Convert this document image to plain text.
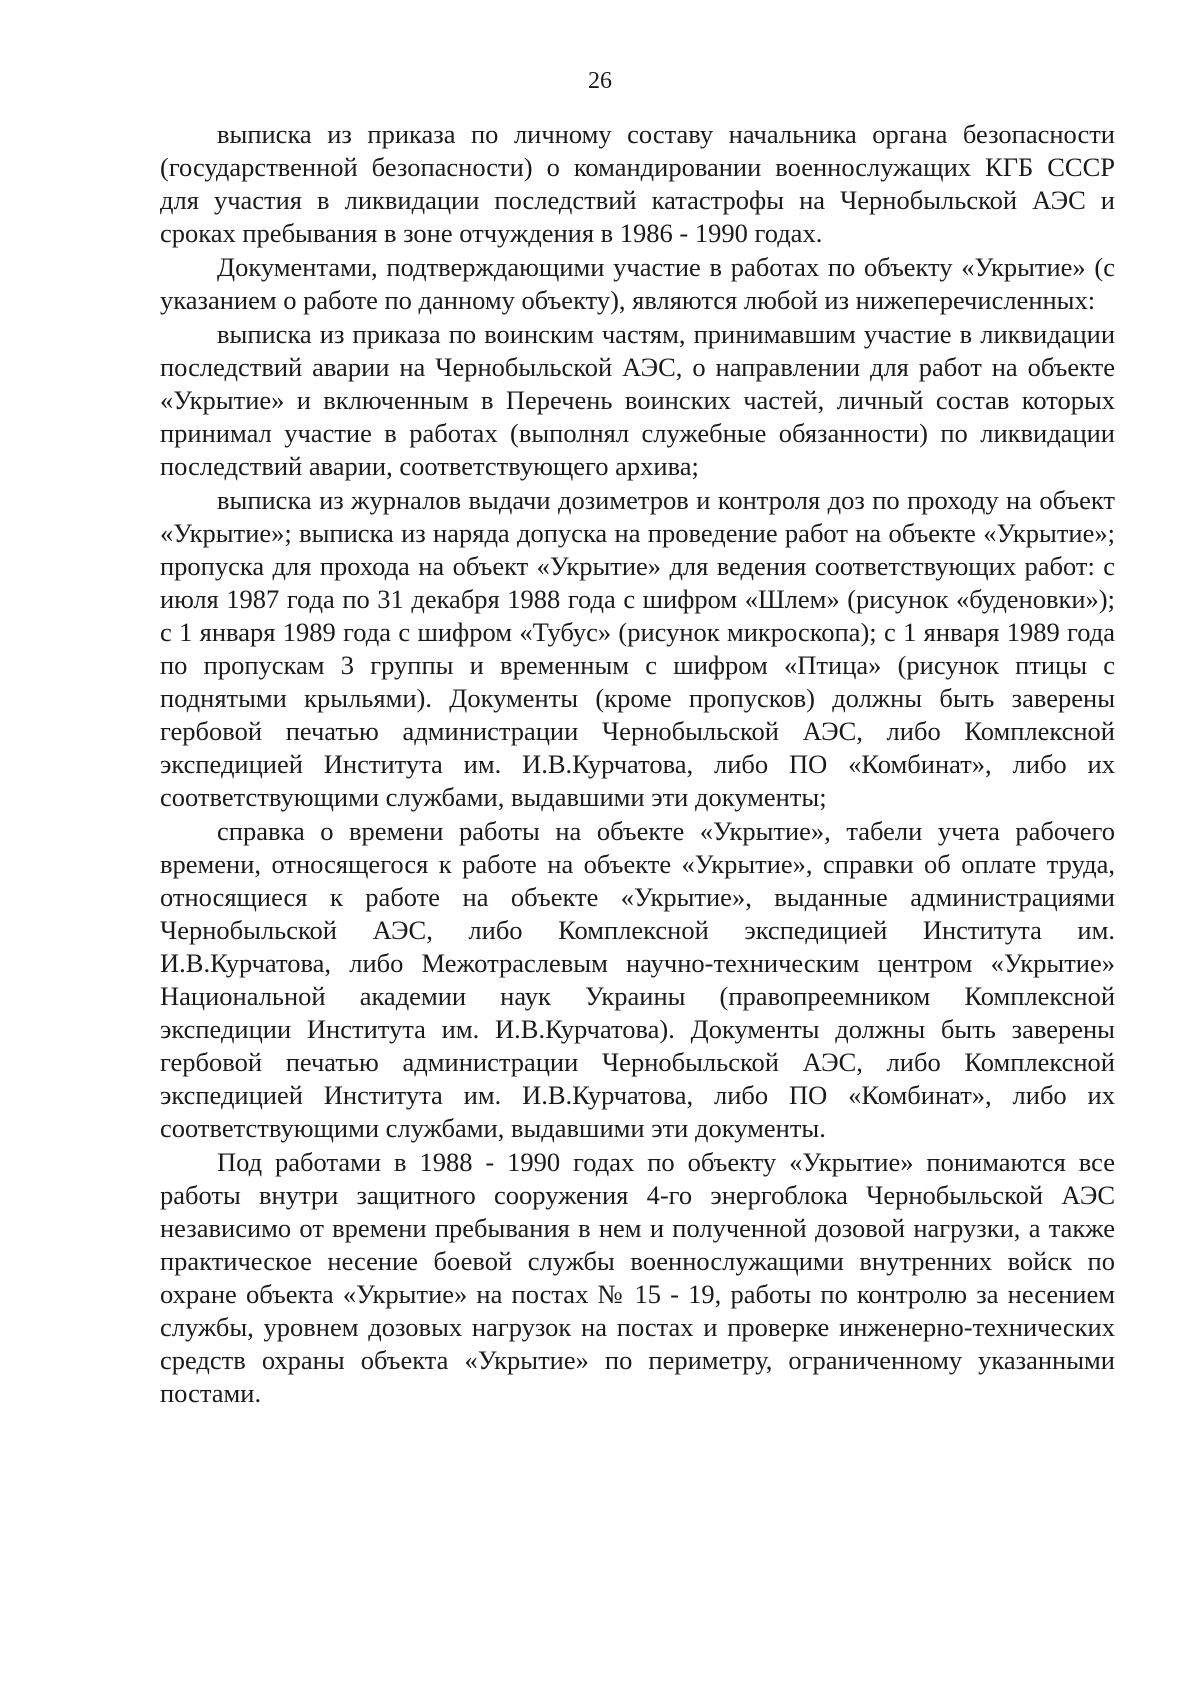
26

выписка из приказа по личному составу начальника органа безопасности (государственной безопасности) о командировании военнослужащих КГБ СССР для участия в ликвидации последствий катастрофы на Чернобыльской АЭС и сроках пребывания в зоне отчуждения в 1986 - 1990 годах.

Документами, подтверждающими участие в работах по объекту «Укрытие» (с указанием о работе по данному объекту), являются любой из нижеперечисленных:

выписка из приказа по воинским частям, принимавшим участие в ликвидации последствий аварии на Чернобыльской АЭС, о направлении для работ на объекте «Укрытие» и включенным в Перечень воинских частей, личный состав которых принимал участие в работах (выполнял служебные обязанности) по ликвидации последствий аварии, соответствующего архива;

выписка из журналов выдачи дозиметров и контроля доз по проходу на объект «Укрытие»; выписка из наряда допуска на проведение работ на объекте «Укрытие»; пропуска для прохода на объект «Укрытие» для ведения соответствующих работ: с июля 1987 года по 31 декабря 1988 года с шифром «Шлем» (рисунок «буденовки»); с 1 января 1989 года с шифром «Тубус» (рисунок микроскопа); с 1 января 1989 года по пропускам 3 группы и временным с шифром «Птица» (рисунок птицы с поднятыми крыльями). Документы (кроме пропусков) должны быть заверены гербовой печатью администрации Чернобыльской АЭС, либо Комплексной экспедицией Института им. И.В.Курчатова, либо ПО «Комбинат», либо их соответствующими службами, выдавшими эти документы;

справка о времени работы на объекте «Укрытие», табели учета рабочего времени, относящегося к работе на объекте «Укрытие», справки об оплате труда, относящиеся к работе на объекте «Укрытие», выданные администрациями Чернобыльской АЭС, либо Комплексной экспедицией Института им. И.В.Курчатова, либо Межотраслевым научно-техническим центром «Укрытие» Национальной академии наук Украины (правопреемником Комплексной экспедиции Института им. И.В.Курчатова). Документы должны быть заверены гербовой печатью администрации Чернобыльской АЭС, либо Комплексной экспедицией Института им. И.В.Курчатова, либо ПО «Комбинат», либо их соответствующими службами, выдавшими эти документы.

Под работами в 1988 - 1990 годах по объекту «Укрытие» понимаются все работы внутри защитного сооружения 4-го энергоблока Чернобыльской АЭС независимо от времени пребывания в нем и полученной дозовой нагрузки, а также практическое несение боевой службы военнослужащими внутренних войск по охране объекта «Укрытие» на постах № 15 - 19, работы по контролю за несением службы, уровнем дозовых нагрузок на постах и проверке инженерно-технических средств охраны объекта «Укрытие» по периметру, ограниченному указанными постами.
